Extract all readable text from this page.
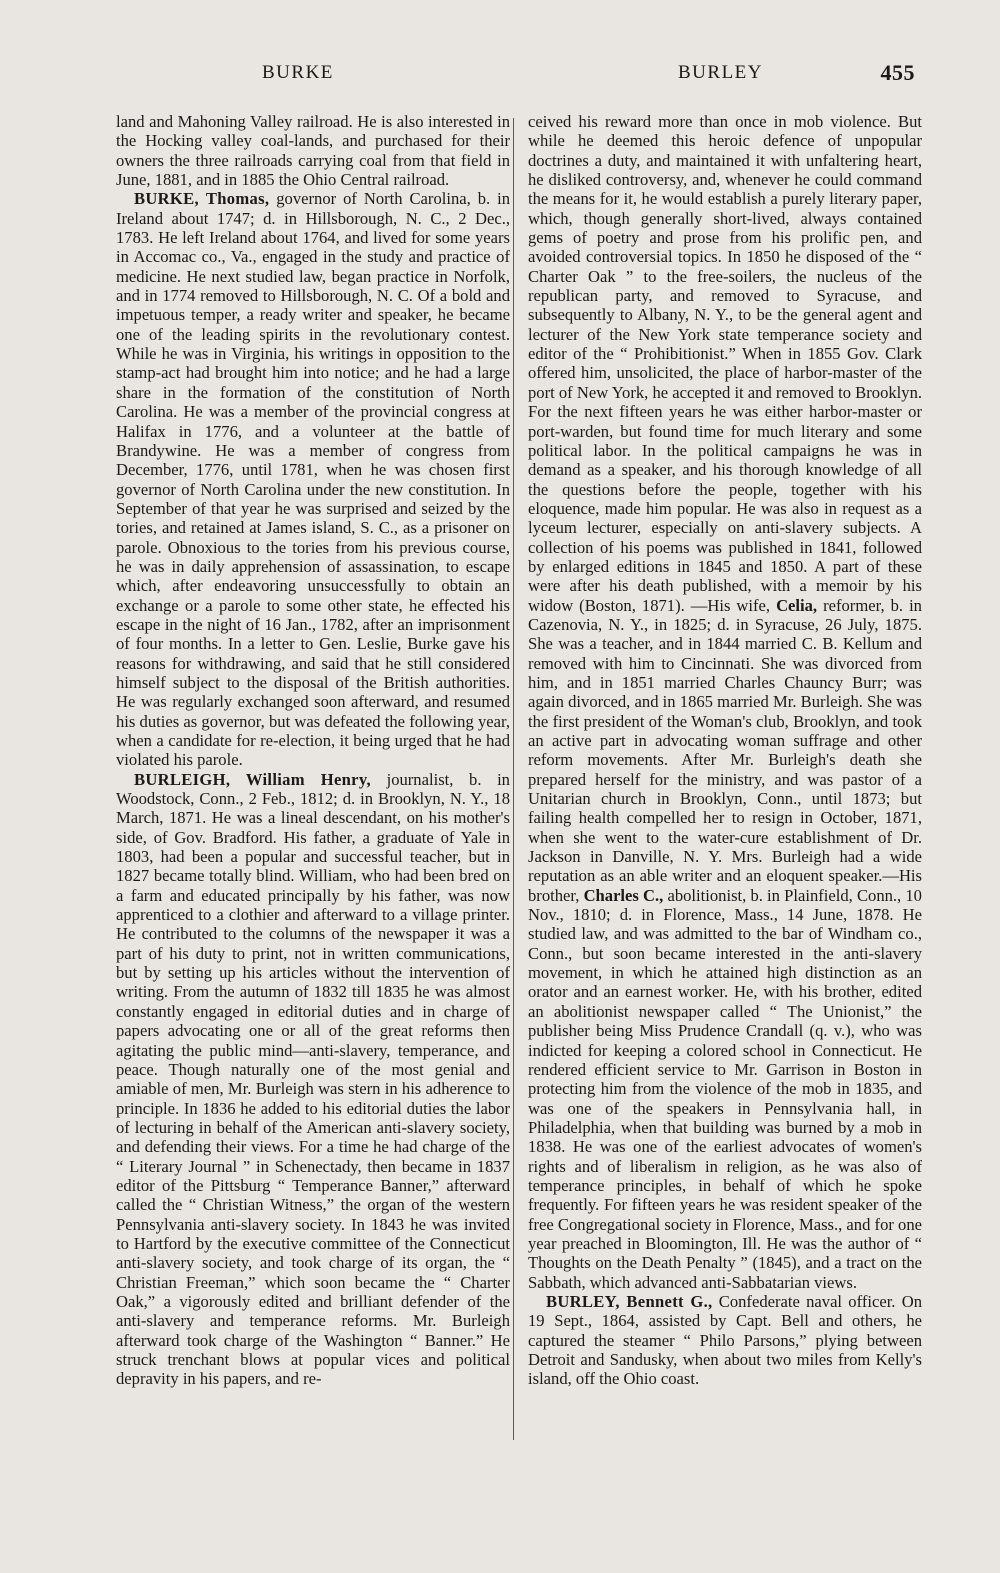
BURKE	BURLEY	455

land and Mahoning Valley railroad. He is also interested in the Hocking valley coal-lands, and purchased for their owners the three railroads carrying coal from that field in June, 1881, and in 1885 the Ohio Central railroad.

BURKE, Thomas, governor of North Carolina, b. in Ireland about 1747; d. in Hillsborough, N. C., 2 Dec., 1783. He left Ireland about 1764, and lived for some years in Accomac co., Va., engaged in the study and practice of medicine. He next studied law, began practice in Norfolk, and in 1774 removed to Hillsborough, N. C. Of a bold and impetuous temper, a ready writer and speaker, he became one of the leading spirits in the revolutionary contest. While he was in Virginia, his writings in opposition to the stamp-act had brought him into notice; and he had a large share in the formation of the constitution of North Carolina. He was a member of the provincial congress at Halifax in 1776, and a volunteer at the battle of Brandywine. He was a member of congress from December, 1776, until 1781, when he was chosen first governor of North Carolina under the new constitution. In September of that year he was surprised and seized by the tories, and retained at James island, S. C., as a prisoner on parole. Obnoxious to the tories from his previous course, he was in daily apprehension of assassination, to escape which, after endeavoring unsuccessfully to obtain an exchange or a parole to some other state, he effected his escape in the night of 16 Jan., 1782, after an imprisonment of four months. In a letter to Gen. Leslie, Burke gave his reasons for withdrawing, and said that he still considered himself subject to the disposal of the British authorities. He was regularly exchanged soon afterward, and resumed his duties as governor, but was defeated the following year, when a candidate for re-election, it being urged that he had violated his parole.

BURLEIGH, William Henry, journalist, b. in Woodstock, Conn., 2 Feb., 1812; d. in Brooklyn, N. Y., 18 March, 1871. He was a lineal descendant, on his mother's side, of Gov. Bradford. His father, a graduate of Yale in 1803, had been a popular and successful teacher, but in 1827 became totally blind. William, who had been bred on a farm and educated principally by his father, was now apprenticed to a clothier and afterward to a village printer. He contributed to the columns of the newspaper it was a part of his duty to print, not in written communications, but by setting up his articles without the intervention of writing. From the autumn of 1832 till 1835 he was almost constantly engaged in editorial duties and in charge of papers advocating one or all of the great reforms then agitating the public mind—anti-slavery, temperance, and peace. Though naturally one of the most genial and amiable of men, Mr. Burleigh was stern in his adherence to principle. In 1836 he added to his editorial duties the labor of lecturing in behalf of the American anti-slavery society, and defending their views. For a time he had charge of the “ Literary Journal ” in Schenectady, then became in 1837 editor of the Pittsburg “ Temperance Banner,” afterward called the “ Christian Witness,” the organ of the western Pennsylvania anti-slavery society. In 1843 he was invited to Hartford by the executive committee of the Connecticut anti-slavery society, and took charge of its organ, the “ Christian Freeman,” which soon became the “ Charter Oak,” a vigorously edited and brilliant defender of the anti-slavery and temperance reforms. Mr. Burleigh afterward took charge of the Washington “ Banner.” He struck trenchant blows at popular vices and political depravity in his papers, and re-

ceived his reward more than once in mob violence. But while he deemed this heroic defence of unpopular doctrines a duty, and maintained it with unfaltering heart, he disliked controversy, and, whenever he could command the means for it, he would establish a purely literary paper, which, though generally short-lived, always contained gems of poetry and prose from his prolific pen, and avoided controversial topics. In 1850 he disposed of the “ Charter Oak ” to the free-soilers, the nucleus of the republican party, and removed to Syracuse, and subsequently to Albany, N. Y., to be the general agent and lecturer of the New York state temperance society and editor of the “ Prohibitionist.” When in 1855 Gov. Clark offered him, unsolicited, the place of harbor-master of the port of New York, he accepted it and removed to Brooklyn. For the next fifteen years he was either harbor-master or port-warden, but found time for much literary and some political labor. In the political campaigns he was in demand as a speaker, and his thorough knowledge of all the questions before the people, together with his eloquence, made him popular. He was also in request as a lyceum lecturer, especially on anti-slavery subjects. A collection of his poems was published in 1841, followed by enlarged editions in 1845 and 1850. A part of these were after his death published, with a memoir by his widow (Boston, 1871). —His wife, Celia, reformer, b. in Cazenovia, N. Y., in 1825; d. in Syracuse, 26 July, 1875. She was a teacher, and in 1844 married C. B. Kellum and removed with him to Cincinnati. She was divorced from him, and in 1851 married Charles Chauncy Burr; was again divorced, and in 1865 married Mr. Burleigh. She was the first president of the Woman's club, Brooklyn, and took an active part in advocating woman suffrage and other reform movements. After Mr. Burleigh's death she prepared herself for the ministry, and was pastor of a Unitarian church in Brooklyn, Conn., until 1873; but failing health compelled her to resign in October, 1871, when she went to the water-cure establishment of Dr. Jackson in Danville, N. Y. Mrs. Burleigh had a wide reputation as an able writer and an eloquent speaker.—His brother, Charles C., abolitionist, b. in Plainfield, Conn., 10 Nov., 1810; d. in Florence, Mass., 14 June, 1878. He studied law, and was admitted to the bar of Windham co., Conn., but soon became interested in the anti-slavery movement, in which he attained high distinction as an orator and an earnest worker. He, with his brother, edited an abolitionist newspaper called “ The Unionist,” the publisher being Miss Prudence Crandall (q. v.), who was indicted for keeping a colored school in Connecticut. He rendered efficient service to Mr. Garrison in Boston in protecting him from the violence of the mob in 1835, and was one of the speakers in Pennsylvania hall, in Philadelphia, when that building was burned by a mob in 1838. He was one of the earliest advocates of women's rights and of liberalism in religion, as he was also of temperance principles, in behalf of which he spoke frequently. For fifteen years he was resident speaker of the free Congregational society in Florence, Mass., and for one year preached in Bloomington, Ill. He was the author of “ Thoughts on the Death Penalty ” (1845), and a tract on the Sabbath, which advanced anti-Sabbatarian views.

BURLEY, Bennett G., Confederate naval officer. On 19 Sept., 1864, assisted by Capt. Bell and others, he captured the steamer “ Philo Parsons,” plying between Detroit and Sandusky, when about two miles from Kelly's island, off the Ohio coast.
